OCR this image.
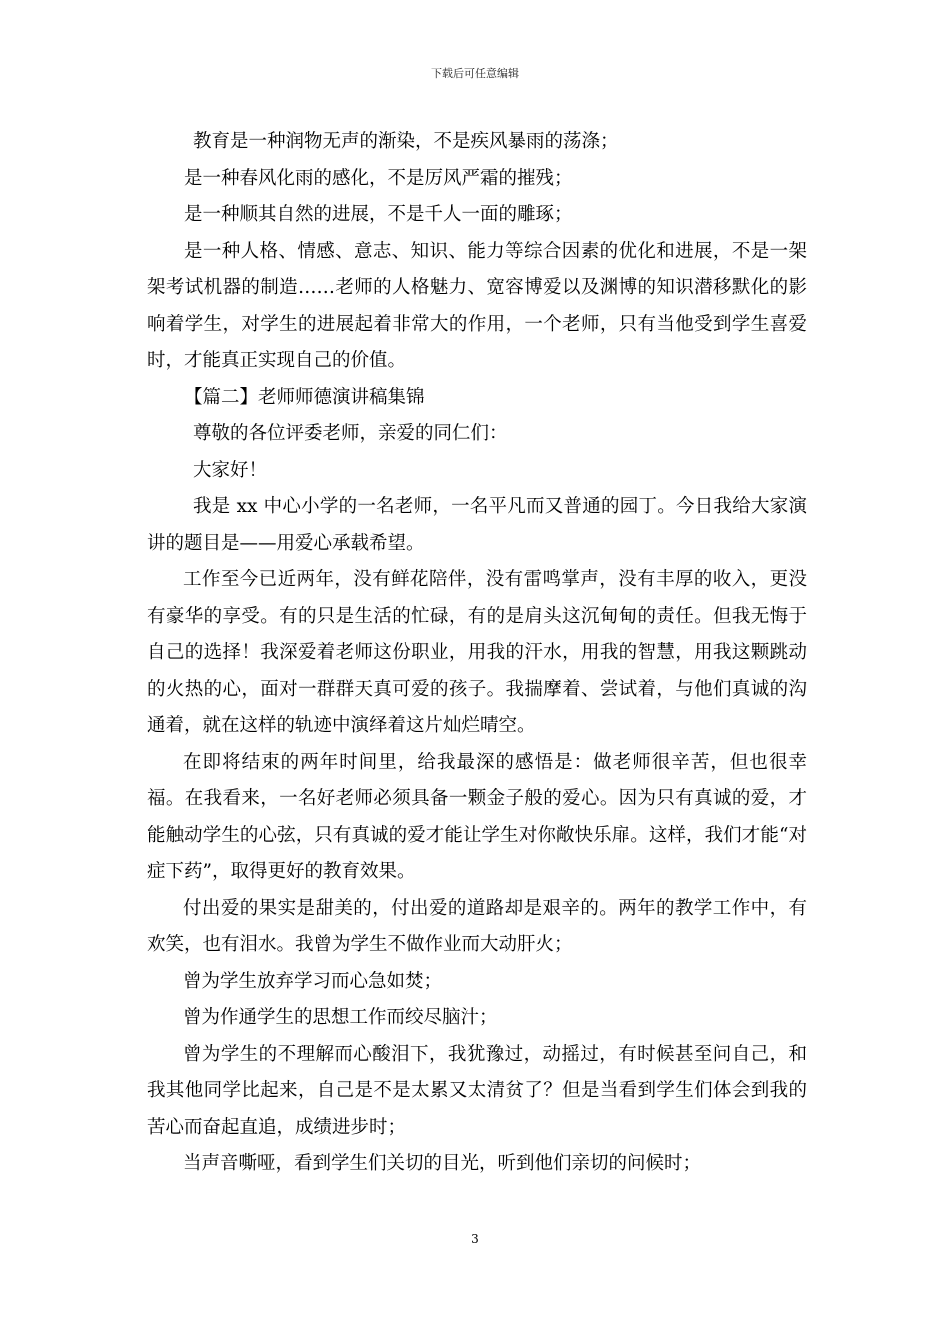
下载后可任意编辑

教育是一种润物无声的渐染，不是疾风暴雨的荡涤；

是一种春风化雨的感化，不是厉风严霜的摧残；

是一种顺其自然的进展，不是千人一面的雕琢；

是一种人格、情感、意志、知识、能力等综合因素的优化和进展，不是一架架考试机器的制造……老师的人格魅力、宽容博爱以及渊博的知识潜移默化的影响着学生，对学生的进展起着非常大的作用，一个老师，只有当他受到学生喜爱时，才能真正实现自己的价值。

【篇二】老师师德演讲稿集锦

尊敬的各位评委老师，亲爱的同仁们：

大家好！

我是 xx 中心小学的一名老师，一名平凡而又普通的园丁。今日我给大家演讲的题目是——用爱心承载希望。

工作至今已近两年，没有鲜花陪伴，没有雷鸣掌声，没有丰厚的收入，更没有豪华的享受。有的只是生活的忙碌，有的是肩头这沉甸甸的责任。但我无悔于自己的选择！我深爱着老师这份职业，用我的汗水，用我的智慧，用我这颗跳动的火热的心，面对一群群天真可爱的孩子。我揣摩着、尝试着，与他们真诚的沟通着，就在这样的轨迹中演绎着这片灿烂晴空。

在即将结束的两年时间里，给我最深的感悟是：做老师很辛苦，但也很幸福。在我看来，一名好老师必须具备一颗金子般的爱心。因为只有真诚的爱，才能触动学生的心弦，只有真诚的爱才能让学生对你敞快乐扉。这样，我们才能“对症下药”，取得更好的教育效果。

付出爱的果实是甜美的，付出爱的道路却是艰辛的。两年的教学工作中，有欢笑，也有泪水。我曾为学生不做作业而大动肝火；

曾为学生放弃学习而心急如焚；

曾为作通学生的思想工作而绞尽脑汁；

曾为学生的不理解而心酸泪下，我犹豫过，动摇过，有时候甚至问自己，和我其他同学比起来，自己是不是太累又太清贫了？但是当看到学生们体会到我的苦心而奋起直追，成绩进步时；

当声音嘶哑，看到学生们关切的目光，听到他们亲切的问候时；

3
